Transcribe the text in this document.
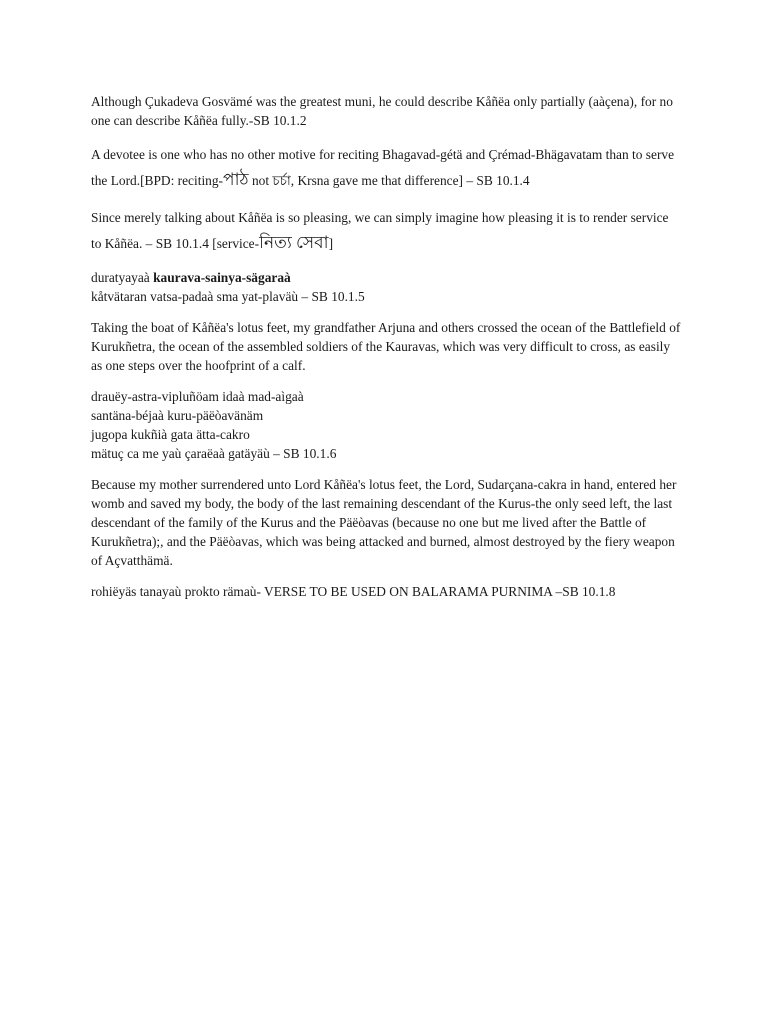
Although Çukadeva Gosvämé was the greatest muni, he could describe Kåñëa only partially (aàçena), for no one can describe Kåñëa fully.-SB 10.1.2

A devotee is one who has no other motive for reciting Bhagavad-gétä and Çrémad-Bhägavatam than to serve the Lord.[BPD: reciting-পাঠ not চর্চা, Krsna gave me that difference] – SB 10.1.4

Since merely talking about Kåñëa is so pleasing, we can simply imagine how pleasing it is to render service to Kåñëa. – SB 10.1.4 [service-নিত্য সেবা]

duratyayaà kaurava-sainya-sägaraà

kåtvätaran vatsa-padaà sma yat-plaväù – SB 10.1.5

Taking the boat of Kåñëa's lotus feet, my grandfather Arjuna and others crossed the ocean of the Battlefield of Kurukñetra, the ocean of the assembled soldiers of the Kauravas, which was very difficult to cross, as easily as one steps over the hoofprint of a calf.

drauëy-astra-vipluñöam idaà mad-aìgaà

santäna-béjaà kuru-päëòavänäm

jugopa kukñià gata ätta-cakro

mätuç ca me yaù çaraëaà gatäyäù – SB 10.1.6

Because my mother surrendered unto Lord Kåñëa's lotus feet, the Lord, Sudarçana-cakra in hand, entered her womb and saved my body, the body of the last remaining descendant of the Kurus-the only seed left, the last descendant of the family of the Kurus and the Päëòavas (because no one but me lived after the Battle of Kurukñetra);, and the Päëòavas, which was being attacked and burned, almost destroyed by the fiery weapon of Açvatthämä.

rohiëyäs tanayaù prokto rämaù- VERSE TO BE USED ON BALARAMA PURNIMA –SB 10.1.8
